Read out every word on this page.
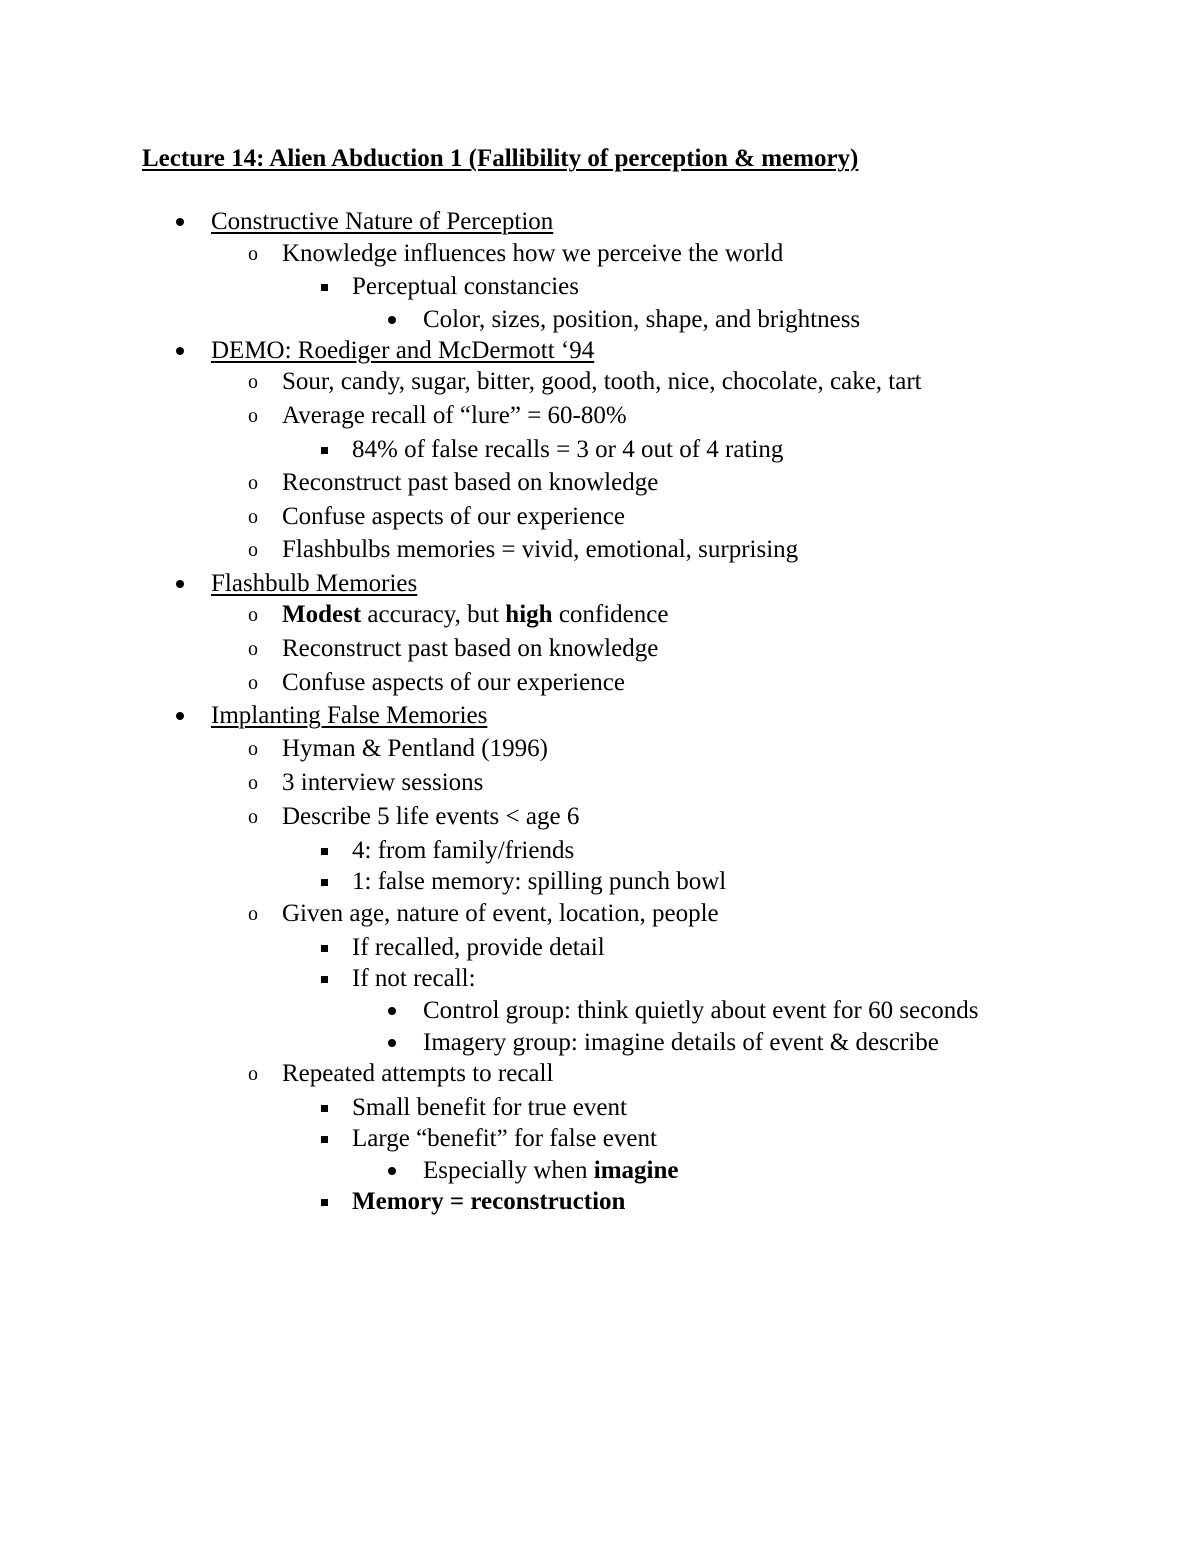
Lecture 14: Alien Abduction 1 (Fallibility of perception & memory)
Constructive Nature of Perception
o Knowledge influences how we perceive the world
Perceptual constancies
Color, sizes, position, shape, and brightness
DEMO: Roediger and McDermott ‘94
o Sour, candy, sugar, bitter, good, tooth, nice, chocolate, cake, tart
o Average recall of “lure” = 60-80%
84% of false recalls = 3 or 4 out of 4 rating
o Reconstruct past based on knowledge
o Confuse aspects of our experience
o Flashbulbs memories = vivid, emotional, surprising
Flashbulb Memories
o Modest accuracy, but high confidence
o Reconstruct past based on knowledge
o Confuse aspects of our experience
Implanting False Memories
o Hyman & Pentland (1996)
o 3 interview sessions
o Describe 5 life events < age 6
4: from family/friends
1: false memory: spilling punch bowl
o Given age, nature of event, location, people
If recalled, provide detail
If not recall:
Control group: think quietly about event for 60 seconds
Imagery group: imagine details of event & describe
o Repeated attempts to recall
Small benefit for true event
Large “benefit” for false event
Especially when imagine
Memory = reconstruction
